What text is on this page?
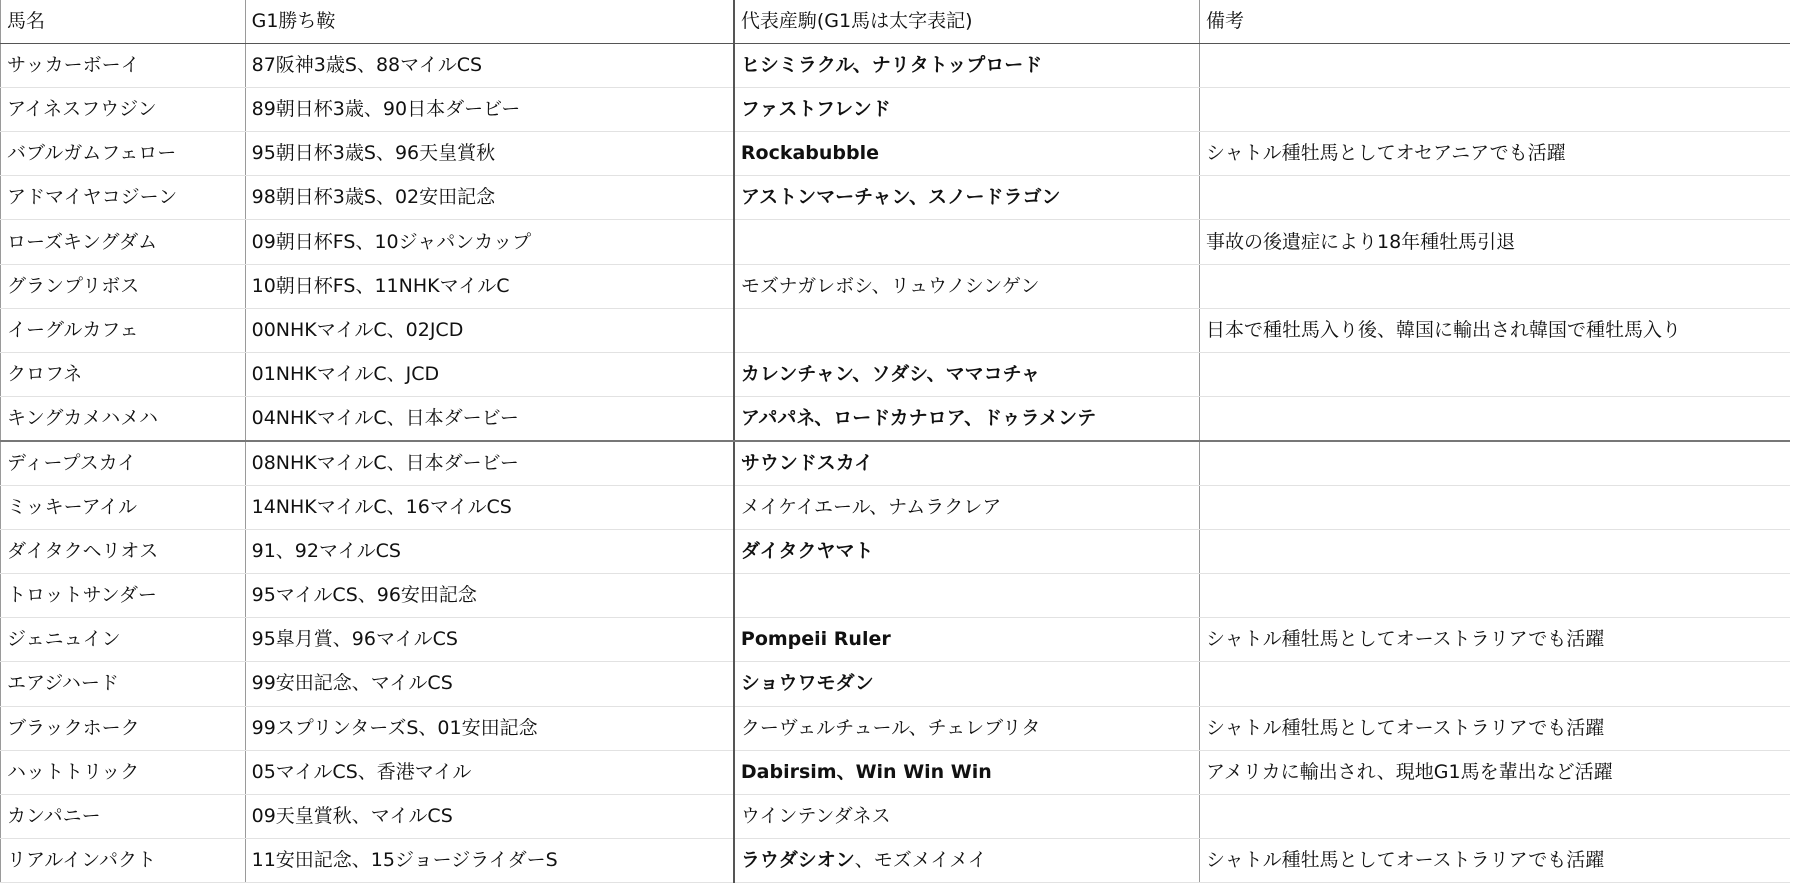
馬名	G1勝ち鞍	代表産駒(G1馬は太字表記)	備考
サッカーボーイ	87阪神3歳S、88マイルCS	ヒシミラクル、ナリタトップロード	
アイネスフウジン	89朝日杯3歳、90日本ダービー	ファストフレンド	
バブルガムフェロー	95朝日杯3歳S、96天皇賞秋	Rockabubble	シャトル種牡馬としてオセアニアでも活躍
アドマイヤコジーン	98朝日杯3歳S、02安田記念	アストンマーチャン、スノードラゴン	
ローズキングダム	09朝日杯FS、10ジャパンカップ		事故の後遺症により18年種牡馬引退
グランプリボス	10朝日杯FS、11NHKマイルC	モズナガレボシ、リュウノシンゲン	
イーグルカフェ	00NHKマイルC、02JCD		日本で種牡馬入り後、韓国に輸出され韓国で種牡馬入り
クロフネ	01NHKマイルC、JCD	カレンチャン、ソダシ、ママコチャ	
キングカメハメハ	04NHKマイルC、日本ダービー	アパパネ、ロードカナロア、ドゥラメンテ	
ディープスカイ	08NHKマイルC、日本ダービー	サウンドスカイ	
ミッキーアイル	14NHKマイルC、16マイルCS	メイケイエール、ナムラクレア	
ダイタクヘリオス	91、92マイルCS	ダイタクヤマト	
トロットサンダー	95マイルCS、96安田記念		
ジェニュイン	95皐月賞、96マイルCS	Pompeii Ruler	シャトル種牡馬としてオーストラリアでも活躍
エアジハード	99安田記念、マイルCS	ショウワモダン	
ブラックホーク	99スプリンターズS、01安田記念	クーヴェルチュール、チェレブリタ	シャトル種牡馬としてオーストラリアでも活躍
ハットトリック	05マイルCS、香港マイル	Dabirsim、Win Win Win	アメリカに輸出され、現地G1馬を輩出など活躍
カンパニー	09天皇賞秋、マイルCS	ウインテンダネス	
リアルインパクト	11安田記念、15ジョージライダーS	ラウダシオン、モズメイメイ	シャトル種牡馬としてオーストラリアでも活躍
